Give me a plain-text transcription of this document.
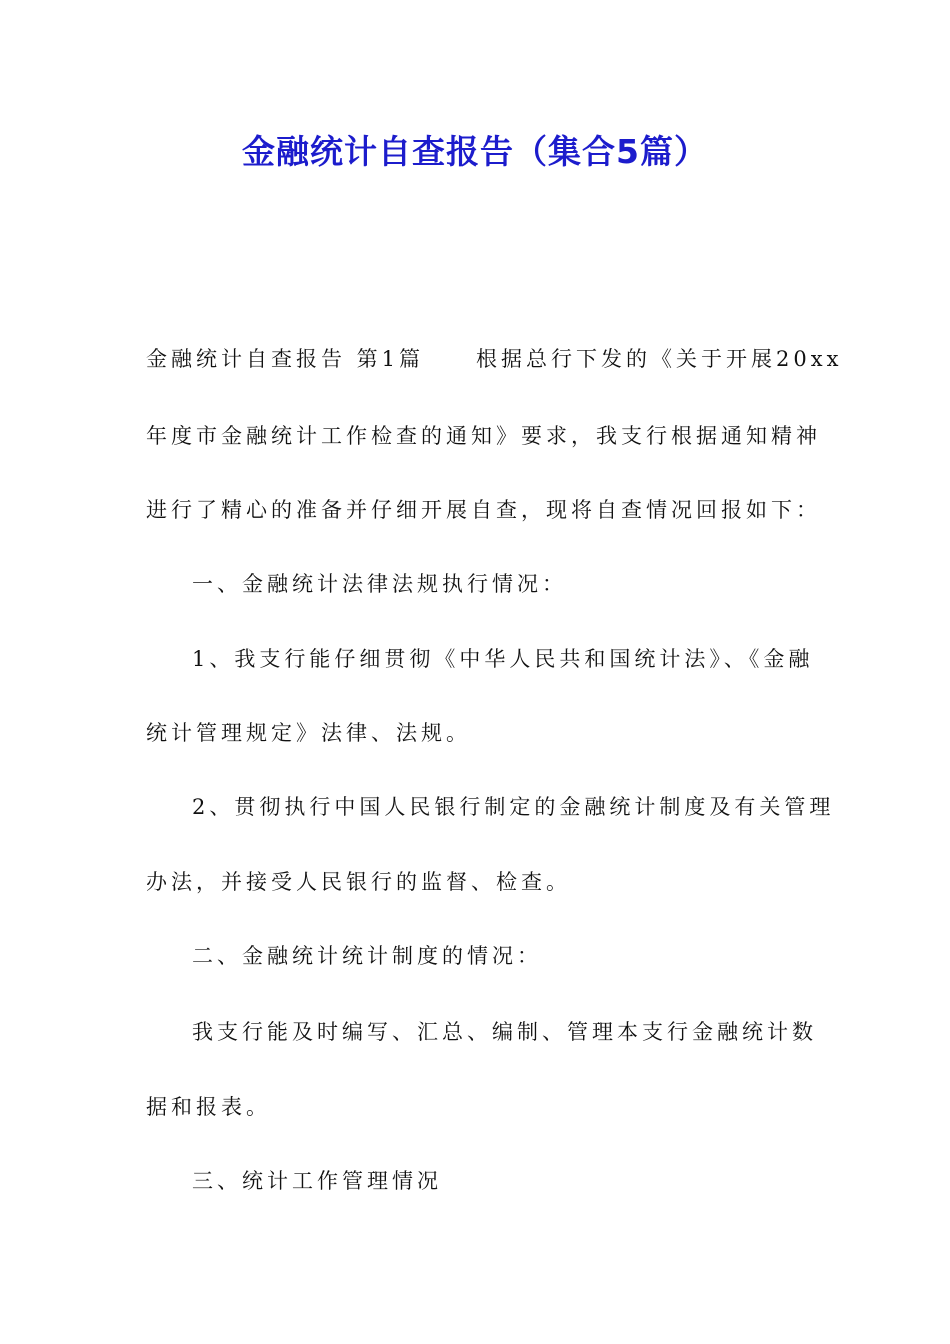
金融统计自查报告（集合5篇）
金融统计自查报告 第1篇 根据总行下发的《关于开展20xx
年度市金融统计工作检查的通知》要求，我支行根据通知精神
进行了精心的准备并仔细开展自查，现将自查情况回报如下：
一、金融统计法律法规执行情况：
1、我支行能仔细贯彻《中华人民共和国统计法》、《金融
统计管理规定》法律、法规。
2、贯彻执行中国人民银行制定的金融统计制度及有关管理
办法，并接受人民银行的监督、检查。
二、金融统计统计制度的情况：
我支行能及时编写、汇总、编制、管理本支行金融统计数
据和报表。
三、统计工作管理情况
